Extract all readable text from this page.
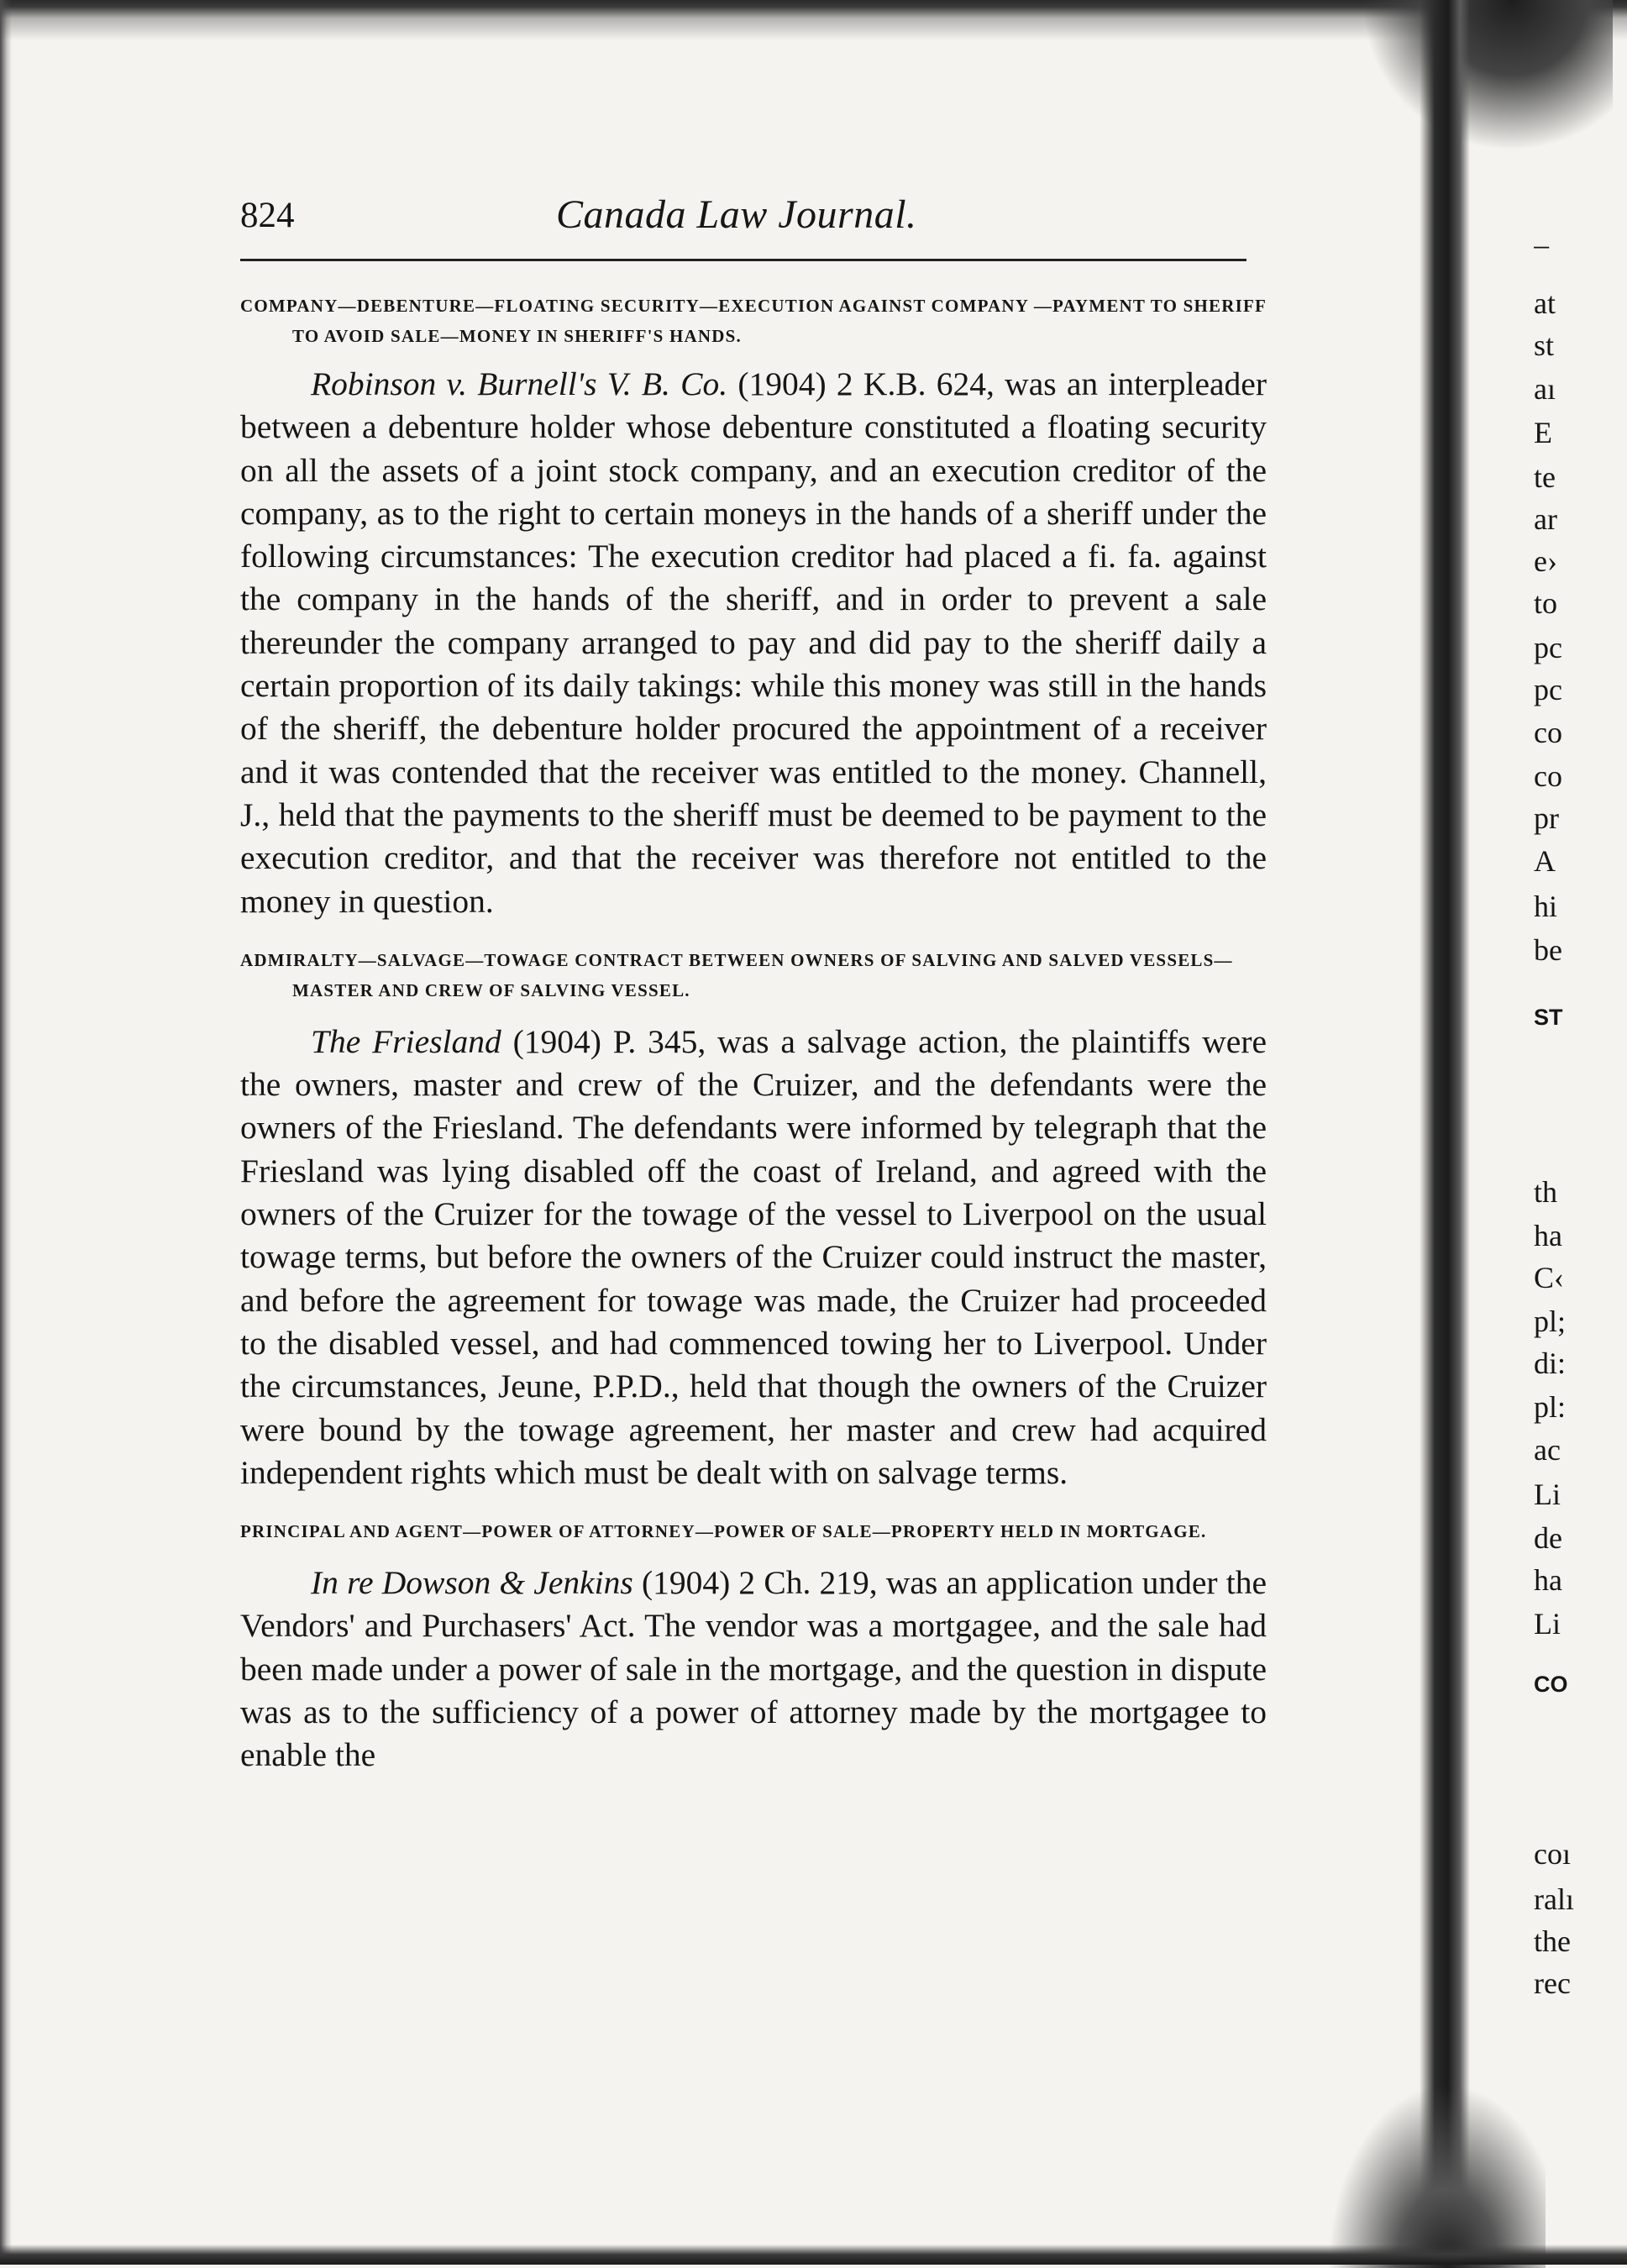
824	Canada Law Journal.

COMPANY—DEBENTURE—FLOATING SECURITY—EXECUTION AGAINST COMPANY —PAYMENT TO SHERIFF TO AVOID SALE—MONEY IN SHERIFF'S HANDS.

Robinson v. Burnell's V. B. Co. (1904) 2 K.B. 624, was an interpleader between a debenture holder whose debenture constituted a floating security on all the assets of a joint stock company, and an execution creditor of the company, as to the right to certain moneys in the hands of a sheriff under the following circumstances: The execution creditor had placed a fi. fa. against the company in the hands of the sheriff, and in order to prevent a sale thereunder the company arranged to pay and did pay to the sheriff daily a certain proportion of its daily takings: while this money was still in the hands of the sheriff, the debenture holder procured the appointment of a receiver and it was contended that the receiver was entitled to the money. Channell, J., held that the payments to the sheriff must be deemed to be payment to the execution creditor, and that the receiver was therefore not entitled to the money in question.

ADMIRALTY—SALVAGE—TOWAGE CONTRACT BETWEEN OWNERS OF SALVING AND SALVED VESSELS—MASTER AND CREW OF SALVING VESSEL.

The Friesland (1904) P. 345, was a salvage action, the plaintiffs were the owners, master and crew of the Cruizer, and the defendants were the owners of the Friesland. The defendants were informed by telegraph that the Friesland was lying disabled off the coast of Ireland, and agreed with the owners of the Cruizer for the towage of the vessel to Liverpool on the usual towage terms, but before the owners of the Cruizer could instruct the master, and before the agreement for towage was made, the Cruizer had proceeded to the disabled vessel, and had commenced towing her to Liverpool. Under the circumstances, Jeune, P.P.D., held that though the owners of the Cruizer were bound by the towage agreement, her master and crew had acquired independent rights which must be dealt with on salvage terms.

PRINCIPAL AND AGENT—POWER OF ATTORNEY—POWER OF SALE—PROPERTY HELD IN MORTGAGE.

In re Dowson & Jenkins (1904) 2 Ch. 219, was an application under the Vendors' and Purchasers' Act. The vendor was a mortgagee, and the sale had been made under a power of sale in the mortgage, and the question in dispute was as to the sufficiency of a power of attorney made by the mortgagee to enable the

–
at
st
aı
E
te
ar
e›
to
pc
pc
co
co
pr
A
hi
be
ST
th
ha
C‹
pl;
di:
pl:
ac
Li
de
ha
Li
CO
coı
ralı
the
rec
